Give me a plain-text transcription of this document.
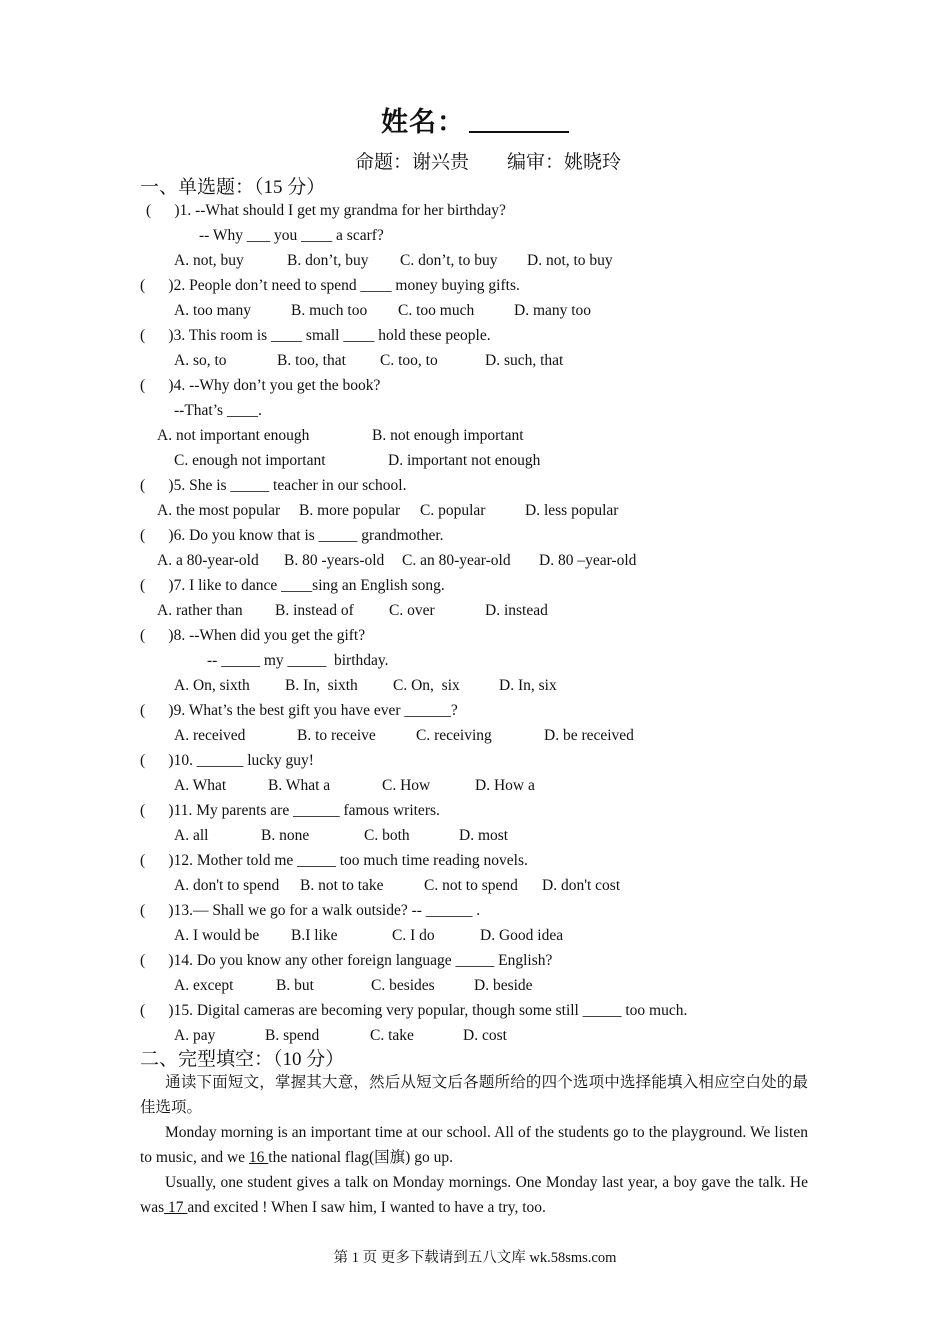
姓名：
命题：谢兴贵        编审：姚晓玲
一、单选题：（15 分）
(      )1. --What should I get my grandma for her birthday?
-- Why ___ you ____ a scarf?
A. not, buy	B. don’t, buy C. don’t, to buy D. not, to buy
(      )2. People don’t need to spend ____ money buying gifts.
A. too many	B. much too C. too much	D. many too
(      )3. This room is ____ small ____ hold these people.
A. so, to	B. too, that C. too, to	D. such, that
(      )4. --Why don’t you get the book?
--That’s ____.
A. not important enough	B. not enough important
C. enough not important	D. important not enough
(      )5. She is _____ teacher in our school.
A. the most popular B. more popular C. popular	D. less popular
(      )6. Do you know that is _____ grandmother.
A. a 80-year-old B. 80 -years-old C. an 80-year-old D. 80 –year-old
(      )7. I like to dance ____sing an English song.
A. rather than B. instead of C. over	D. instead
(      )8. --When did you get the gift?
-- _____ my _____  birthday.
A. On, sixth B. In,  sixth C. On,  six	D. In, six
(      )9. What’s the best gift you have ever ______?
A. received	B. to receive	C. receiving	D. be received
(      )10. ______ lucky guy!
A. What	B. What a	C. How	D. How a
(      )11. My parents are ______ famous writers.
A. all	B. none	C. both	D. most
(      )12. Mother told me _____ too much time reading novels.
A. don't to spend B. not to take	C. not to spend D. don't cost
(      )13.— Shall we go for a walk outside? -- ______ .
A. I would be B.I like	C. I do	D. Good idea
(      )14. Do you know any other foreign language _____ English?
A. except	B. but	C. besides	D. beside
(      )15. Digital cameras are becoming very popular, though some still _____ too much.
A. pay	B. spend	C. take	D. cost
二、完型填空：（10 分）
通读下面短文，掌握其大意，然后从短文后各题所给的四个选项中选择能填入相应空白处的最佳选项。
Monday morning is an important time at our school. All of the students go to the playground. We listen to music, and we 16 the national flag(国旗) go up.
Usually, one student gives a talk on Monday mornings. One Monday last year, a boy gave the talk. He was 17 and excited ! When I saw him, I wanted to have a try, too.
第 1 页 更多下载请到五八文库 wk.58sms.com
